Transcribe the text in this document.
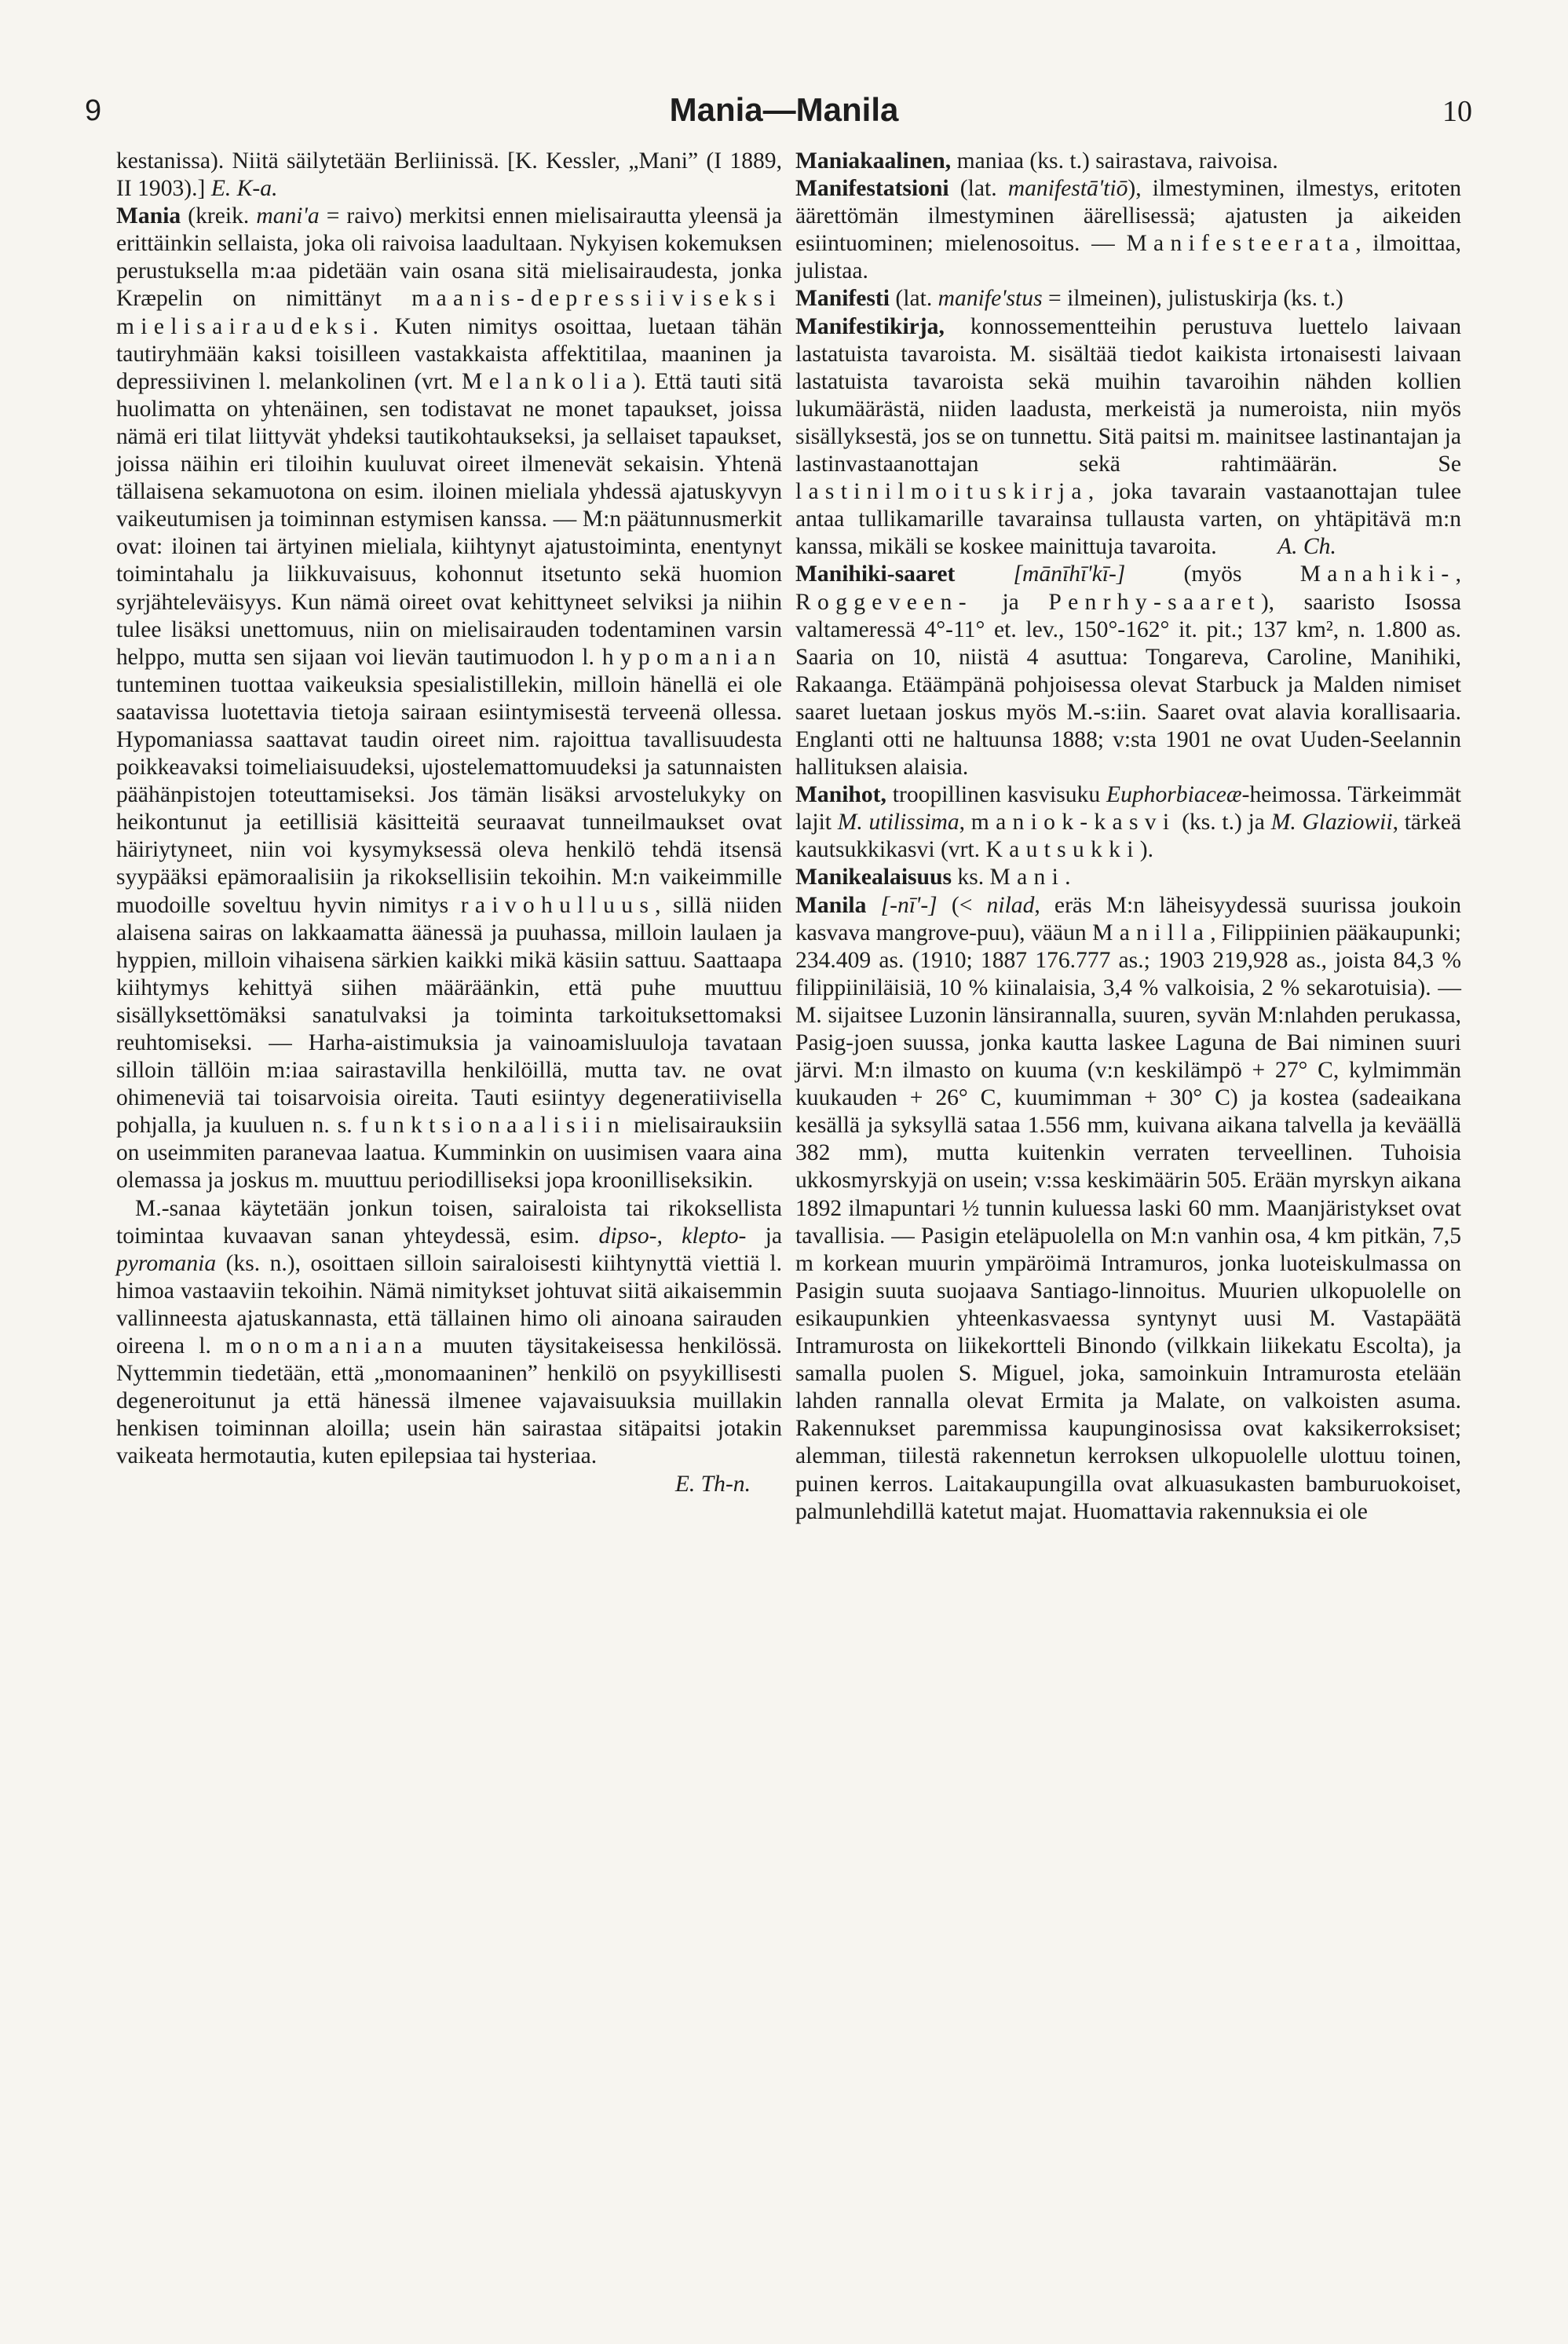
9	Mania—Manila	10

kestanissa). Niitä säilytetään Berliinissä. [K. Kessler, „Mani” (I 1889, II 1903).] E. K-a.

Mania (kreik. mani'a = raivo) merkitsi ennen mielisairautta yleensä ja erittäinkin sellaista, joka oli raivoisa laadultaan. Nykyisen kokemuksen perustuksella m:aa pidetään vain osana sitä mielisairaudesta, jonka Kræpelin on nimittänyt maanis-depressiiviseksi mielisairaudeksi. Kuten nimitys osoittaa, luetaan tähän tautiryhmään kaksi toisilleen vastakkaista affektitilaa, maaninen ja depressiivinen l. melankolinen (vrt. Melankolia). Että tauti sitä huolimatta on yhtenäinen, sen todistavat ne monet tapaukset, joissa nämä eri tilat liittyvät yhdeksi tautikohtaukseksi, ja sellaiset tapaukset, joissa näihin eri tiloihin kuuluvat oireet ilmenevät sekaisin. Yhtenä tällaisena sekamuotona on esim. iloinen mieliala yhdessä ajatuskyvyn vaikeutumisen ja toiminnan estymisen kanssa. — M:n päätunnusmerkit ovat: iloinen tai ärtyinen mieliala, kiihtynyt ajatustoiminta, enentynyt toimintahalu ja liikkuvaisuus, kohonnut itsetunto sekä huomion syrjähteleväisyys. Kun nämä oireet ovat kehittyneet selviksi ja niihin tulee lisäksi unettomuus, niin on mielisairauden todentaminen varsin helppo, mutta sen sijaan voi lievän tautimuodon l. hypomanian tunteminen tuottaa vaikeuksia spesialistillekin, milloin hänellä ei ole saatavissa luotettavia tietoja sairaan esiintymisestä terveenä ollessa. Hypomaniassa saattavat taudin oireet nim. rajoittua tavallisuudesta poikkeavaksi toimeliaisuudeksi, ujostelemattomuudeksi ja satunnaisten päähänpistojen toteuttamiseksi. Jos tämän lisäksi arvostelukyky on heikontunut ja eetillisiä käsitteitä seuraavat tunneilmaukset ovat häiriytyneet, niin voi kysymyksessä oleva henkilö tehdä itsensä syypääksi epämoraalisiin ja rikoksellisiin tekoihin. M:n vaikeimmille muodoille soveltuu hyvin nimitys raivohulluus, sillä niiden alaisena sairas on lakkaamatta äänessä ja puuhassa, milloin laulaen ja hyppien, milloin vihaisena särkien kaikki mikä käsiin sattuu. Saattaapa kiihtymys kehittyä siihen määräänkin, että puhe muuttuu sisällyksettömäksi sanatulvaksi ja toiminta tarkoituksettomaksi reuhtomiseksi. — Harha-aistimuksia ja vainoamisluuloja tavataan silloin tällöin m:iaa sairastavilla henkilöillä, mutta tav. ne ovat ohimeneviä tai toisarvoisia oireita. Tauti esiintyy degeneratiivisella pohjalla, ja kuuluen n. s. funktsionaalisiin mielisairauksiin on useimmiten paranevaa laatua. Kumminkin on uusimisen vaara aina olemassa ja joskus m. muuttuu periodilliseksi jopa kroonilliseksikin.

M.-sanaa käytetään jonkun toisen, sairaloista tai rikoksellista toimintaa kuvaavan sanan yhteydessä, esim. dipso-, klepto- ja pyromania (ks. n.), osoittaen silloin sairaloisesti kiihtynyttä viettiä l. himoa vastaaviin tekoihin. Nämä nimitykset johtuvat siitä aikaisemmin vallinneesta ajatuskannasta, että tällainen himo oli ainoana sairauden oireena l. monomaniana muuten täysitakeisessa henkilössä. Nyttemmin tiedetään, että „monomaaninen” henkilö on psyykillisesti degeneroitunut ja että hänessä ilmenee vajavaisuuksia muillakin henkisen toiminnan aloilla; usein hän sairastaa sitäpaitsi jotakin vaikeata hermotautia, kuten epilepsiaa tai hysteriaa.
E. Th-n.

Maniakaalinen, maniaa (ks. t.) sairastava, raivoisa.

Manifestatsioni (lat. manifestā'tiō), ilmestyminen, ilmestys, eritoten äärettömän ilmestyminen äärellisessä; ajatusten ja aikeiden esiintuominen; mielenosoitus. — Manifesteerata, ilmoittaa, julistaa.

Manifesti (lat. manife'stus = ilmeinen), julistuskirja (ks. t.)

Manifestikirja, konnossementteihin perustuva luettelo laivaan lastatuista tavaroista. M. sisältää tiedot kaikista irtonaisesti laivaan lastatuista tavaroista sekä muihin tavaroihin nähden kollien lukumäärästä, niiden laadusta, merkeistä ja numeroista, niin myös sisällyksestä, jos se on tunnettu. Sitä paitsi m. mainitsee lastinantajan ja lastinvastaanottajan sekä rahtimäärän. Se lastinilmoituskirja, joka tavarain vastaanottajan tulee antaa tullikamarille tavarainsa tullausta varten, on yhtäpitävä m:n kanssa, mikäli se koskee mainittuja tavaroita.	A. Ch.

Manihiki-saaret	[mānīhī'kī-]	(myös	Manahiki-, Roggeveen- ja Penrhy-saaret), saaristo Isossa valtameressä 4°-11° et. lev., 150°-162° it. pit.; 137 km², n. 1.800 as. Saaria on 10, niistä 4 asuttua: Tongareva, Caroline, Manihiki, Rakaanga. Etäämpänä pohjoisessa olevat Starbuck ja Malden nimiset saaret luetaan joskus myös M.-s:iin. Saaret ovat alavia korallisaaria. Englanti otti ne haltuunsa 1888; v:sta 1901 ne ovat Uuden-Seelannin hallituksen alaisia.

Manihot, troopillinen kasvisuku Euphorbiaceæ-heimossa. Tärkeimmät lajit M. utilissima, maniok-kasvi (ks. t.) ja M. Glaziowii, tärkeä kautsukkikasvi (vrt. Kautsukki).

Manikealaisuus ks. Mani.

Manila [-nī'-] (< nilad, eräs M:n läheisyydessä suurissa joukoin kasvava mangrove-puu), vääun Manilla, Filippiinien pääkaupunki; 234.409 as. (1910; 1887 176.777 as.; 1903 219,928 as., joista 84,3 % filippiiniläisiä, 10 % kiinalaisia, 3,4 % valkoisia, 2 % sekarotuisia). — M. sijaitsee Luzonin länsirannalla, suuren, syvän M:nlahden perukassa, Pasig-joen suussa, jonka kautta laskee Laguna de Bai niminen suuri järvi. M:n ilmasto on kuuma (v:n keskilämpö + 27° C, kylmimmän kuukauden + 26° C, kuumimman + 30° C) ja kostea (sadeaikana kesällä ja syksyllä sataa 1.556 mm, kuivana aikana talvella ja keväällä 382 mm), mutta kuitenkin verraten terveellinen. Tuhoisia ukkosmyrskyjä on usein; v:ssa keskimäärin 505. Erään myrskyn aikana 1892 ilmapuntari ½ tunnin kuluessa laski 60 mm. Maanjäristykset ovat tavallisia. — Pasigin eteläpuolella on M:n vanhin osa, 4 km pitkän, 7,5 m korkean muurin ympäröimä Intramuros, jonka luoteiskulmassa on Pasigin suuta suojaava Santiago-linnoitus. Muurien ulkopuolelle on esikaupunkien yhteenkasvaessa syntynyt uusi M. Vastapäätä Intramurosta on liikekortteli Binondo (vilkkain liikekatu Escolta), ja samalla puolen S. Miguel, joka, samoinkuin Intramurosta etelään lahden rannalla olevat Ermita ja Malate, on valkoisten asuma. Rakennukset paremmissa kaupunginosissa ovat kaksikerroksiset; alemman, tiilestä rakennetun kerroksen ulkopuolelle ulottuu toinen, puinen kerros. Laitakaupungilla ovat alkuasukasten bamburuokoiset, palmunlehdillä katetut majat. Huomattavia rakennuksia ei ole
